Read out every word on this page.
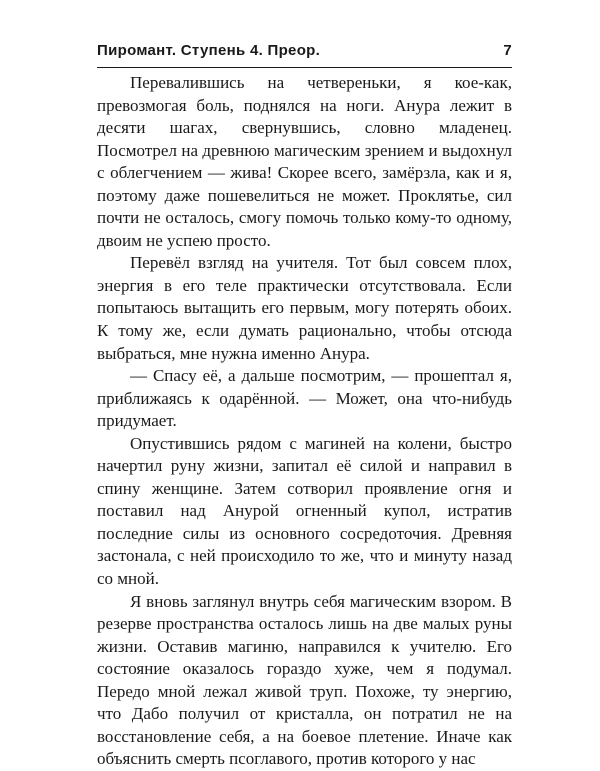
Пиромант. Ступень 4. Преор.	7

Перевалившись на четвереньки, я кое-как, превозмогая боль, поднялся на ноги. Анура лежит в десяти шагах, свернувшись, словно младенец. Посмотрел на древнюю магическим зрением и выдохнул с облегчением — жива! Скорее всего, замёрзла, как и я, поэтому даже пошевелиться не может. Проклятье, сил почти не осталось, смогу помочь только кому-то одному, двоим не успею просто.

Перевёл взгляд на учителя. Тот был совсем плох, энергия в его теле практически отсутствовала. Если попытаюсь вытащить его первым, могу потерять обоих. К тому же, если думать рационально, чтобы отсюда выбраться, мне нужна именно Анура.

— Спасу её, а дальше посмотрим, — прошептал я, приближаясь к одарённой. — Может, она что-нибудь придумает.

Опустившись рядом с магиней на колени, быстро начертил руну жизни, запитал её силой и направил в спину женщине. Затем сотворил проявление огня и поставил над Анурой огненный купол, истратив последние силы из основного сосредоточия. Древняя застонала, с ней происходило то же, что и минуту назад со мной.

Я вновь заглянул внутрь себя магическим взором. В резерве пространства осталось лишь на две малых руны жизни. Оставив магиню, направился к учителю. Его состояние оказалось гораздо хуже, чем я подумал. Передо мной лежал живой труп. Похоже, ту энергию, что Дабо получил от кристалла, он потратил не на восстановление себя, а на боевое плетение. Иначе как объяснить смерть псоглавого, против которого у нас
